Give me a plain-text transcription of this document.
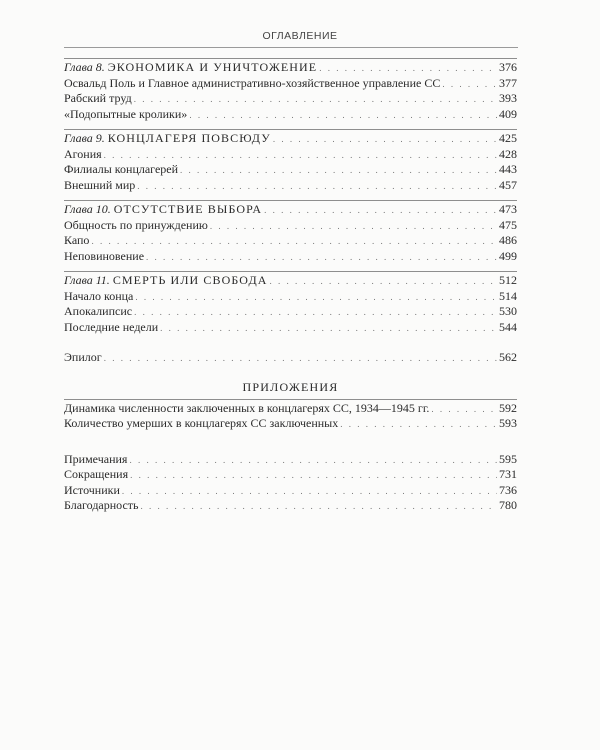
ОГЛАВЛЕНИЕ
Глава 8. ЭКОНОМИКА И УНИЧТОЖЕНИЕ . . .	376
Освальд Поль и Главное административно-хозяйственное управление СС . . .	377
Рабский труд . . .	393
«Подопытные кролики» . . .	409
Глава 9. КОНЦЛАГЕРЯ ПОВСЮДУ . . .	425
Агония . . .	428
Филиалы концлагерей . . .	443
Внешний мир . . .	457
Глава 10. ОТСУТСТВИЕ ВЫБОРА . . .	473
Общность по принуждению . . .	475
Капо . . .	486
Неповиновение . . .	499
Глава 11. СМЕРТЬ ИЛИ СВОБОДА . . .	512
Начало конца . . .	514
Апокалипсис . . .	530
Последние недели . . .	544
Эпилог . . .	562
ПРИЛОЖЕНИЯ
Динамика численности заключенных в концлагерях СС, 1934—1945 гг. . . .	592
Количество умерших в концлагерях СС заключенных . . .	593
Примечания . . .	595
Сокращения . . .	731
Источники . . .	736
Благодарность . . .	780
